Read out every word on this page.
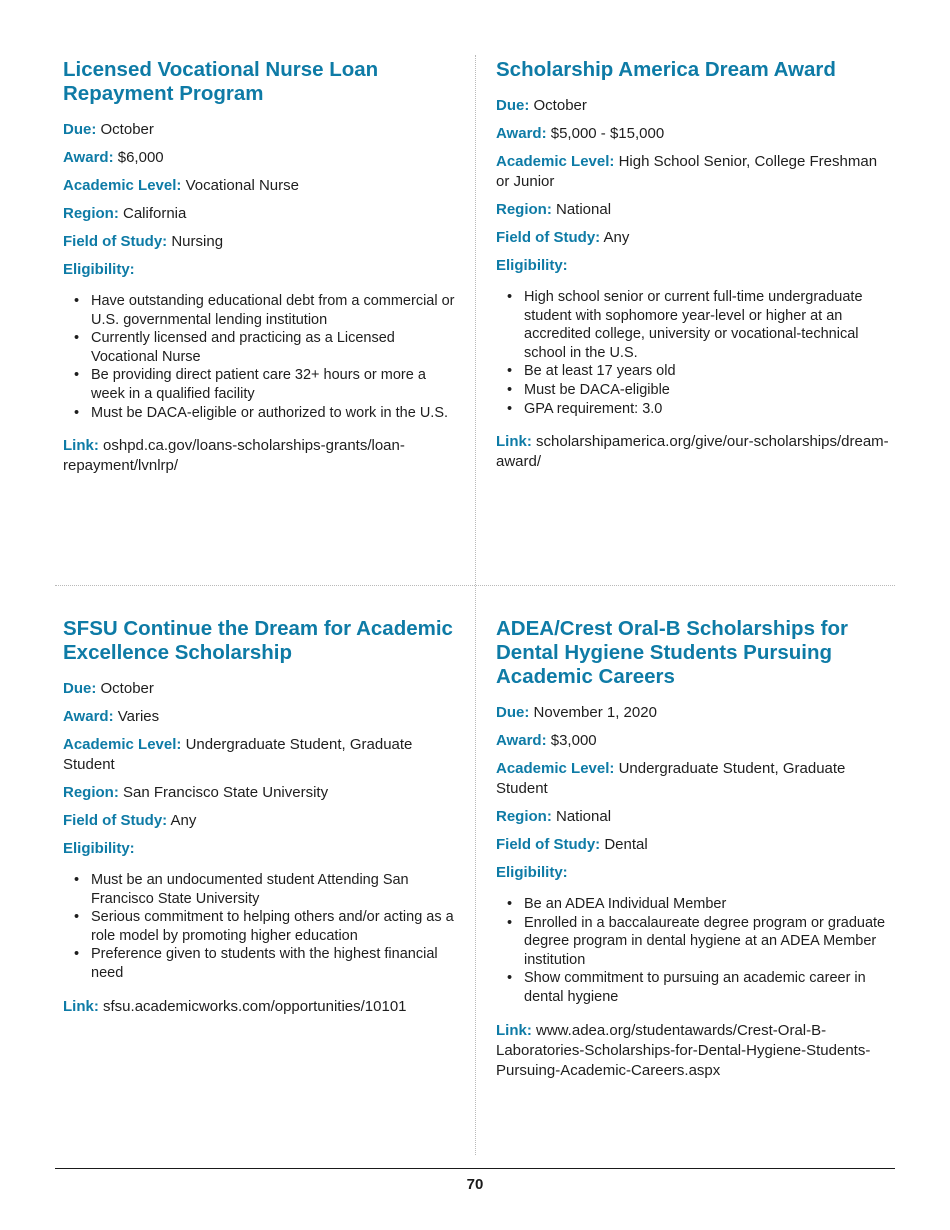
Licensed Vocational Nurse Loan Repayment Program
Due: October
Award: $6,000
Academic Level: Vocational Nurse
Region: California
Field of Study: Nursing
Eligibility:
• Have outstanding educational debt from a commercial or U.S. governmental lending institution
• Currently licensed and practicing as a Licensed Vocational Nurse
• Be providing direct patient care 32+ hours or more a week in a qualified facility
• Must be DACA-eligible or authorized to work in the U.S.
Link: oshpd.ca.gov/loans-scholarships-grants/loan-repayment/lvnlrp/
Scholarship America Dream Award
Due: October
Award: $5,000 - $15,000
Academic Level: High School Senior, College Freshman or Junior
Region: National
Field of Study: Any
Eligibility:
• High school senior or current full-time undergraduate student with sophomore year-level or higher at an accredited college, university or vocational-technical school in the U.S.
• Be at least 17 years old
• Must be DACA-eligible
• GPA requirement: 3.0
Link: scholarshipamerica.org/give/our-scholarships/dream-award/
SFSU Continue the Dream for Academic Excellence Scholarship
Due: October
Award: Varies
Academic Level: Undergraduate Student, Graduate Student
Region: San Francisco State University
Field of Study: Any
Eligibility:
• Must be an undocumented student Attending San Francisco State University
• Serious commitment to helping others and/or acting as a role model by promoting higher education
• Preference given to students with the highest financial need
Link: sfsu.academicworks.com/opportunities/10101
ADEA/Crest Oral-B Scholarships for Dental Hygiene Students Pursuing Academic Careers
Due: November 1, 2020
Award: $3,000
Academic Level: Undergraduate Student, Graduate Student
Region: National
Field of Study: Dental
Eligibility:
• Be an ADEA Individual Member
• Enrolled in a baccalaureate degree program or graduate degree program in dental hygiene at an ADEA Member institution
• Show commitment to pursuing an academic career in dental hygiene
Link: www.adea.org/studentawards/Crest-Oral-B-Laboratories-Scholarships-for-Dental-Hygiene-Students-Pursuing-Academic-Careers.aspx
70
